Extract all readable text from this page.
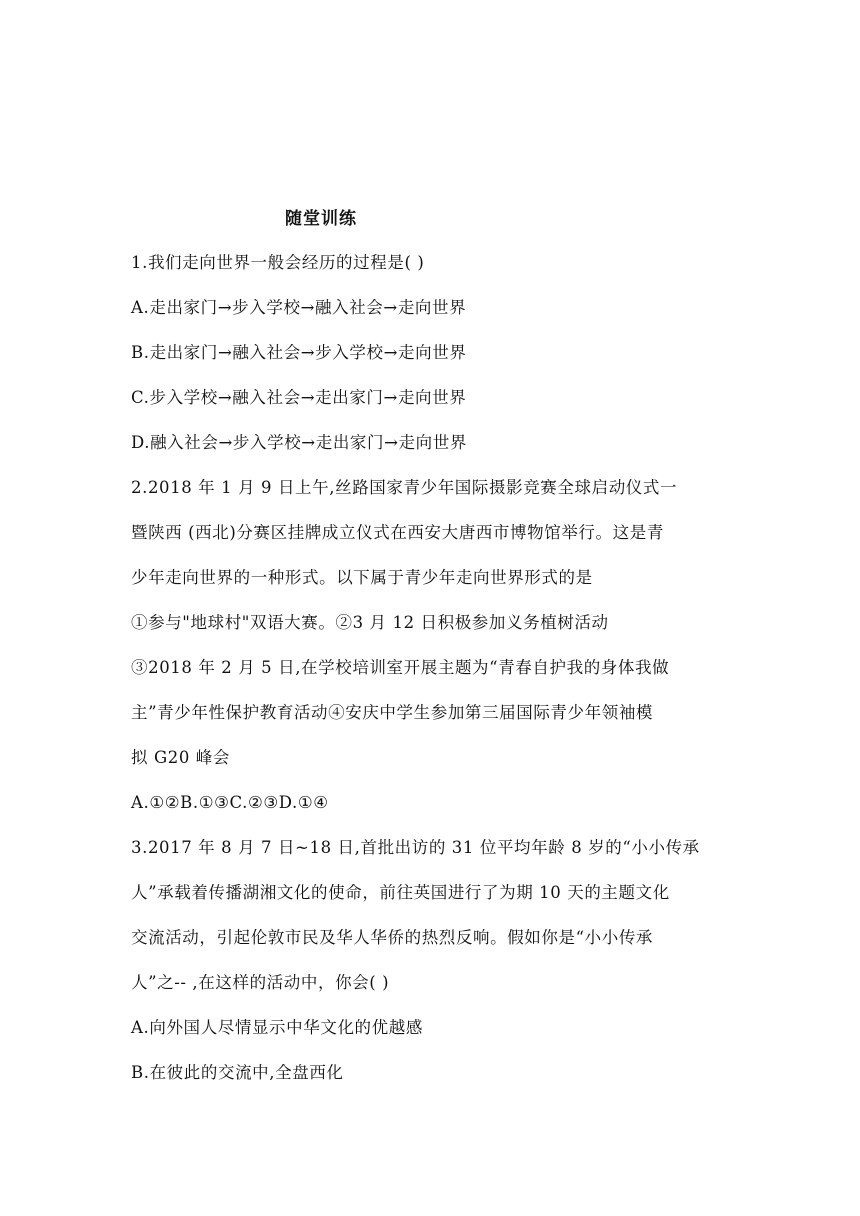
随堂训练
1.我们走向世界一般会经历的过程是( )
A.走出家门→步入学校→融入社会→走向世界
B.走出家门→融入社会→步入学校→走向世界
C.步入学校→融入社会→走出家门→走向世界
D.融入社会→步入学校→走出家门→走向世界
2.2018 年 1 月 9 日上午,丝路国家青少年国际摄影竞赛全球启动仪式一
暨陕西 (西北)分赛区挂牌成立仪式在西安大唐西市博物馆举行。这是青
少年走向世界的一种形式。以下属于青少年走向世界形式的是
①参与"地球村"双语大赛。②3 月 12 日积极参加义务植树活动
③2018 年 2 月 5 日,在学校培训室开展主题为“青春自护我的身体我做
主”青少年性保护教育活动④安庆中学生参加第三届国际青少年领袖模
拟 G20 峰会
A.①②B.①③C.②③D.①④
3.2017 年 8 月 7 日~18 日,首批出访的 31 位平均年龄 8 岁的“小小传承
人”承载着传播湖湘文化的使命，前往英国进行了为期 10 天的主题文化
交流活动，引起伦敦市民及华人华侨的热烈反响。假如你是“小小传承
人”之-- ,在这样的活动中，你会( )
A.向外国人尽情显示中华文化的优越感
B.在彼此的交流中,全盘西化
